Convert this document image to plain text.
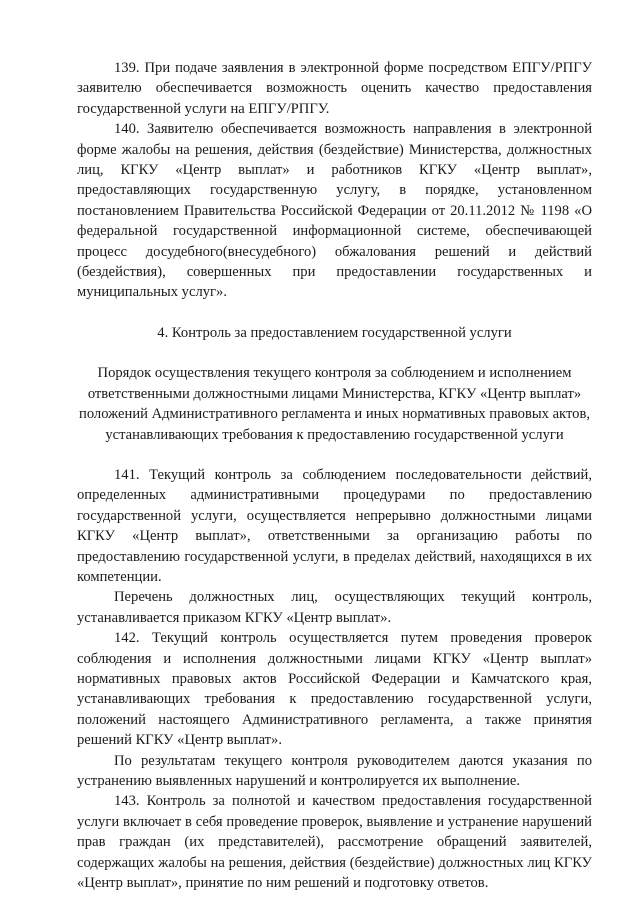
139. При подаче заявления в электронной форме посредством ЕПГУ/РПГУ заявителю обеспечивается возможность оценить качество предоставления государственной услуги на ЕПГУ/РПГУ.

140. Заявителю обеспечивается возможность направления в электронной форме жалобы на решения, действия (бездействие) Министерства, должностных лиц, КГКУ «Центр выплат» и работников КГКУ «Центр выплат», предоставляющих государственную услугу, в порядке, установленном постановлением Правительства Российской Федерации от 20.11.2012 № 1198 «О федеральной государственной информационной системе, обеспечивающей процесс досудебного(внесудебного) обжалования решений и действий (бездействия), совершенных при предоставлении государственных и муниципальных услуг».

4. Контроль за предоставлением государственной услуги

Порядок осуществления текущего контроля за соблюдением и исполнением ответственными должностными лицами Министерства, КГКУ «Центр выплат» положений Административного регламента и иных нормативных правовых актов, устанавливающих требования к предоставлению государственной услуги

141. Текущий контроль за соблюдением последовательности действий, определенных административными процедурами по предоставлению государственной услуги, осуществляется непрерывно должностными лицами КГКУ «Центр выплат», ответственными за организацию работы по предоставлению государственной услуги, в пределах действий, находящихся в их компетенции.

Перечень должностных лиц, осуществляющих текущий контроль, устанавливается приказом КГКУ «Центр выплат».

142. Текущий контроль осуществляется путем проведения проверок соблюдения и исполнения должностными лицами КГКУ «Центр выплат» нормативных правовых актов Российской Федерации и Камчатского края, устанавливающих требования к предоставлению государственной услуги, положений настоящего Административного регламента, а также принятия решений КГКУ «Центр выплат».

По результатам текущего контроля руководителем даются указания по устранению выявленных нарушений и контролируется их выполнение.

143. Контроль за полнотой и качеством предоставления государственной услуги включает в себя проведение проверок, выявление и устранение нарушений прав граждан (их представителей), рассмотрение обращений заявителей, содержащих жалобы на решения, действия (бездействие) должностных лиц КГКУ «Центр выплат», принятие по ним решений и подготовку ответов.
